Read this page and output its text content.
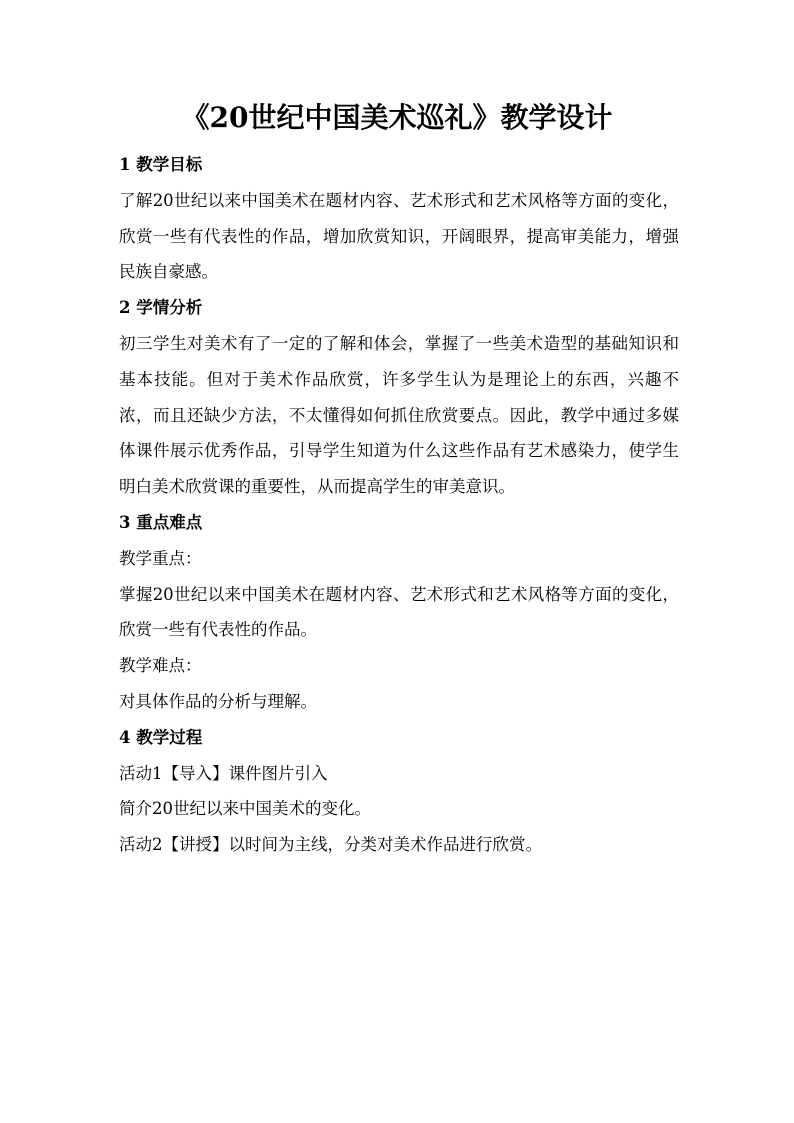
《20世纪中国美术巡礼》教学设计
1 教学目标

了解20世纪以来中国美术在题材内容、艺术形式和艺术风格等方面的变化，欣赏一些有代表性的作品，增加欣赏知识，开阔眼界，提高审美能力，增强民族自豪感。

2 学情分析

初三学生对美术有了一定的了解和体会，掌握了一些美术造型的基础知识和基本技能。但对于美术作品欣赏，许多学生认为是理论上的东西，兴趣不浓，而且还缺少方法，不太懂得如何抓住欣赏要点。因此，教学中通过多媒体课件展示优秀作品，引导学生知道为什么这些作品有艺术感染力，使学生明白美术欣赏课的重要性，从而提高学生的审美意识。

3 重点难点

教学重点：

掌握20世纪以来中国美术在题材内容、艺术形式和艺术风格等方面的变化，欣赏一些有代表性的作品。

教学难点：

对具体作品的分析与理解。

4 教学过程

活动1【导入】课件图片引入

简介20世纪以来中国美术的变化。

活动2【讲授】以时间为主线，分类对美术作品进行欣赏。
